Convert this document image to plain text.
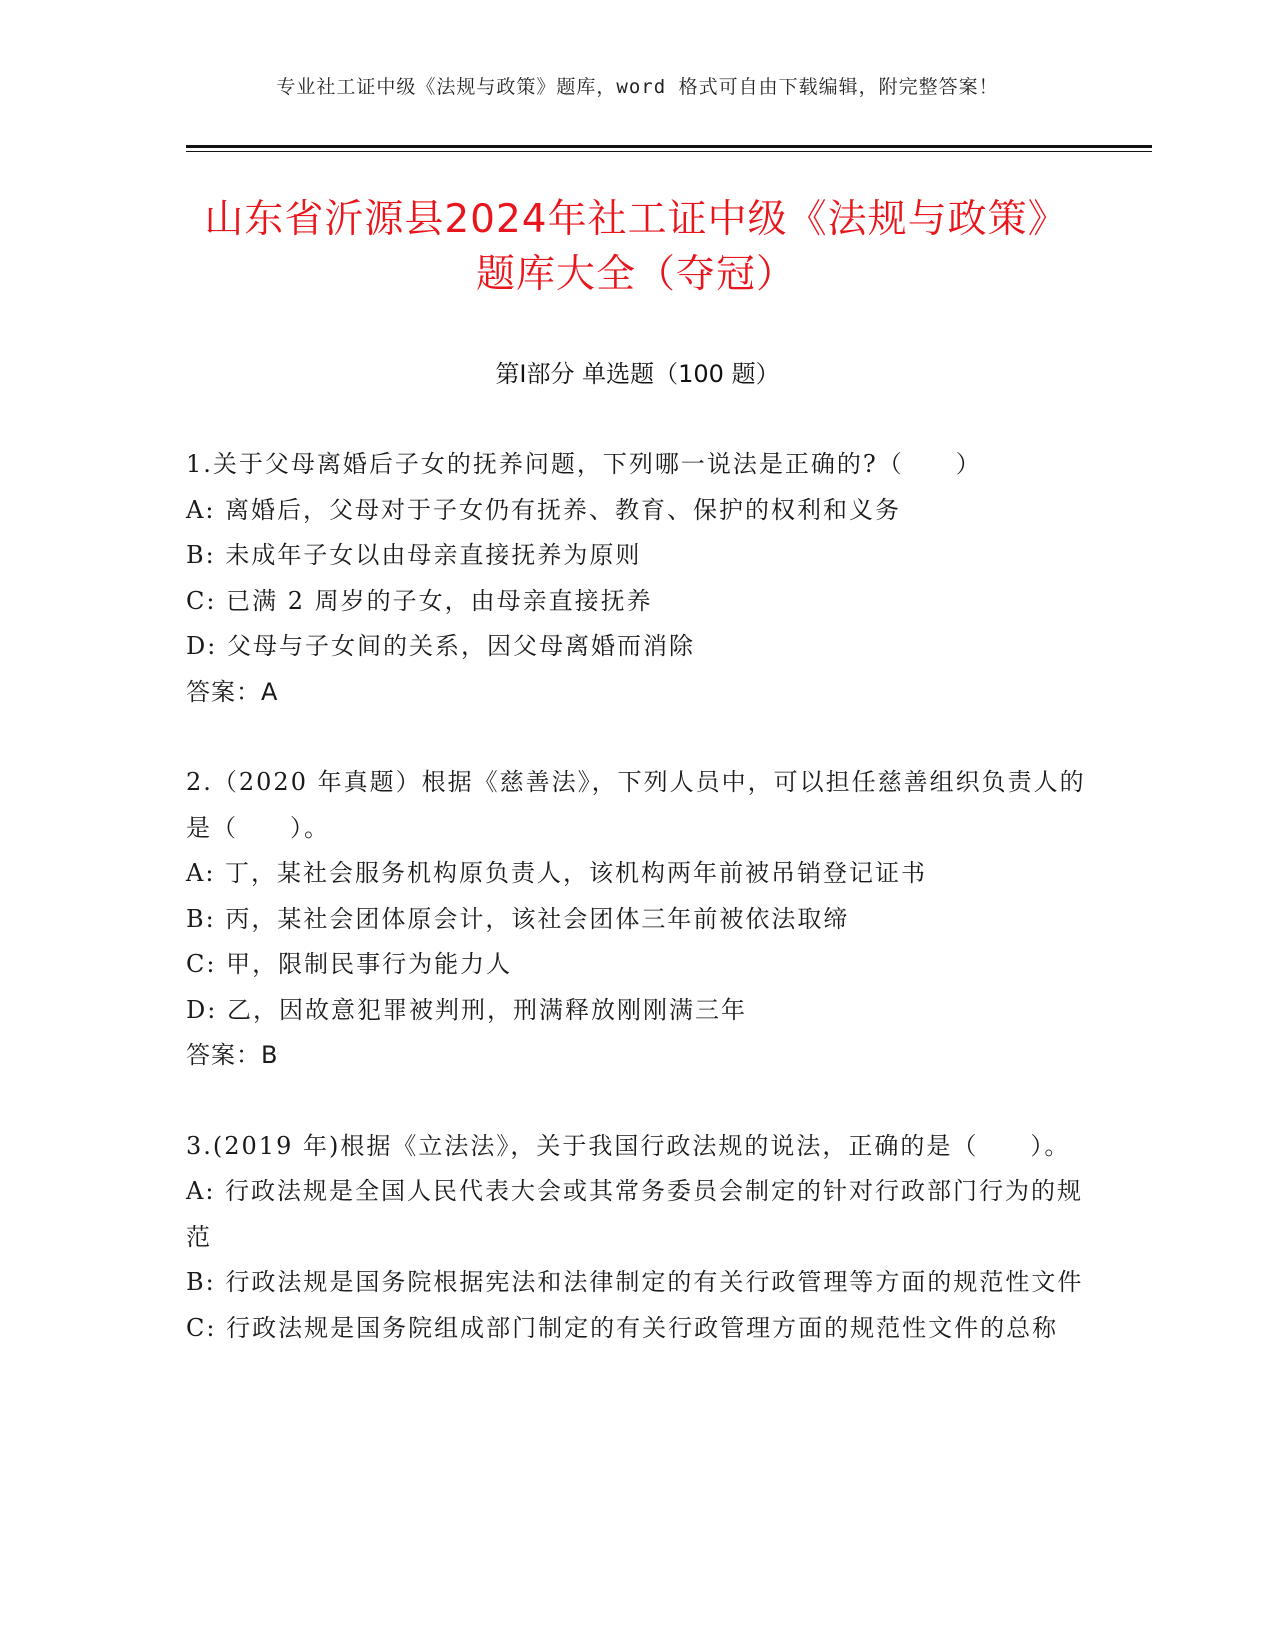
专业社工证中级《法规与政策》题库，word 格式可自由下载编辑，附完整答案！
山东省沂源县2024年社工证中级《法规与政策》题库大全（夺冠）
第Ⅰ部分 单选题（100 题）
1.关于父母离婚后子女的抚养问题，下列哪一说法是正确的?（　　）
A: 离婚后，父母对于子女仍有抚养、教育、保护的权利和义务
B: 未成年子女以由母亲直接抚养为原则
C: 已满 2 周岁的子女，由母亲直接抚养
D: 父母与子女间的关系，因父母离婚而消除
答案：A
2.（2020 年真题）根据《慈善法》，下列人员中，可以担任慈善组织负责人的是（　　）。
A: 丁，某社会服务机构原负责人，该机构两年前被吊销登记证书
B: 丙，某社会团体原会计，该社会团体三年前被依法取缔
C: 甲，限制民事行为能力人
D: 乙，因故意犯罪被判刑，刑满释放刚刚满三年
答案：B
3.(2019 年)根据《立法法》，关于我国行政法规的说法，正确的是（　　）。
A: 行政法规是全国人民代表大会或其常务委员会制定的针对行政部门行为的规范
B: 行政法规是国务院根据宪法和法律制定的有关行政管理等方面的规范性文件
C: 行政法规是国务院组成部门制定的有关行政管理方面的规范性文件的总称
